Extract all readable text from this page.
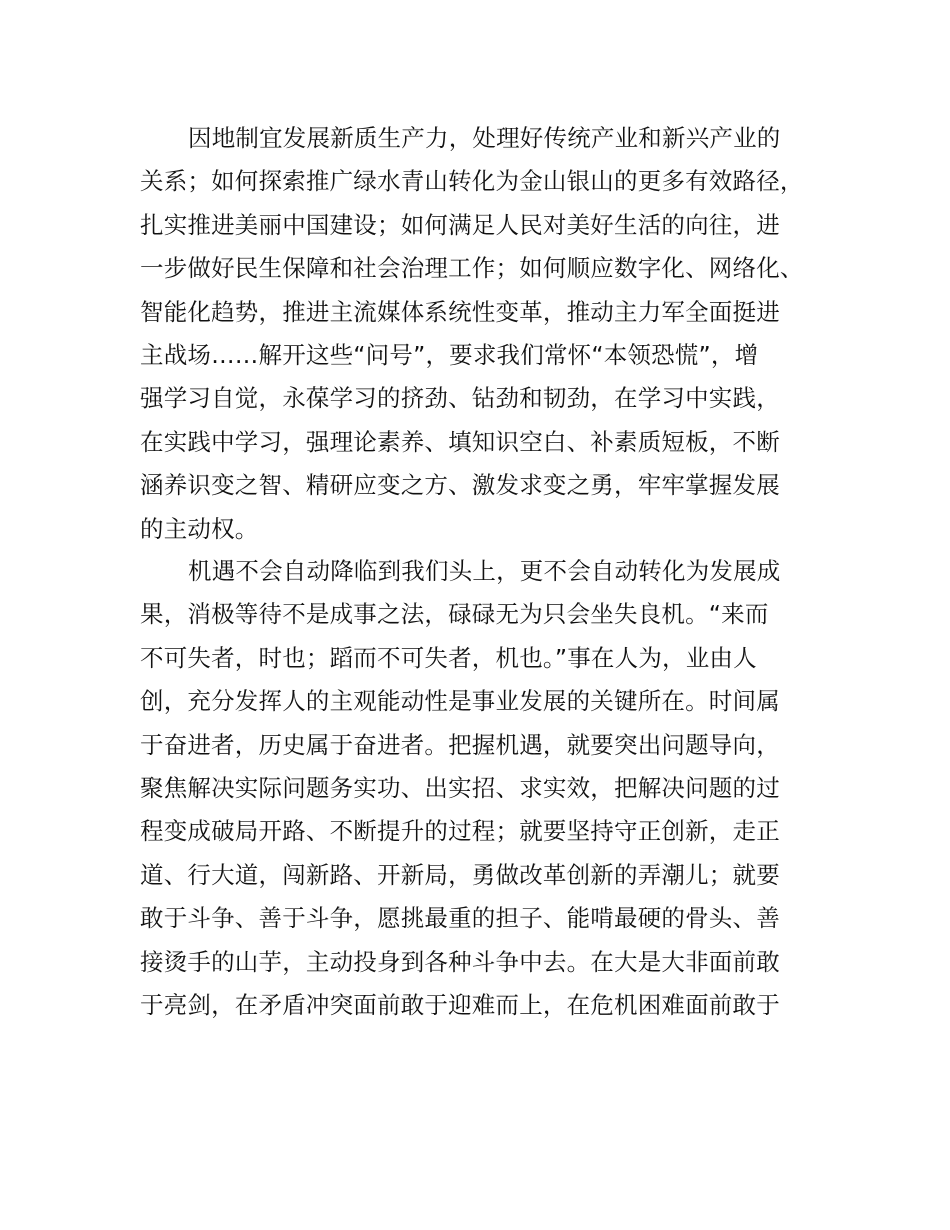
因地制宜发展新质生产力，处理好传统产业和新兴产业的
关系；如何探索推广绿水青山转化为金山银山的更多有效路径，
扎实推进美丽中国建设；如何满足人民对美好生活的向往，进
一步做好民生保障和社会治理工作；如何顺应数字化、网络化、
智能化趋势，推进主流媒体系统性变革，推动主力军全面挺进
主战场……解开这些“问号”，要求我们常怀“本领恐慌”，增
强学习自觉，永葆学习的挤劲、钻劲和韧劲，在学习中实践，
在实践中学习，强理论素养、填知识空白、补素质短板，不断
涵养识变之智、精研应变之方、激发求变之勇，牢牢掌握发展
的主动权。
机遇不会自动降临到我们头上，更不会自动转化为发展成
果，消极等待不是成事之法，碌碌无为只会坐失良机。“来而
不可失者，时也；蹈而不可失者，机也。”事在人为，业由人
创，充分发挥人的主观能动性是事业发展的关键所在。时间属
于奋进者，历史属于奋进者。把握机遇，就要突出问题导向，
聚焦解决实际问题务实功、出实招、求实效，把解决问题的过
程变成破局开路、不断提升的过程；就要坚持守正创新，走正
道、行大道，闯新路、开新局，勇做改革创新的弄潮儿；就要
敢于斗争、善于斗争，愿挑最重的担子、能啃最硬的骨头、善
接烫手的山芋，主动投身到各种斗争中去。在大是大非面前敢
于亮剑，在矛盾冲突面前敢于迎难而上，在危机困难面前敢于
